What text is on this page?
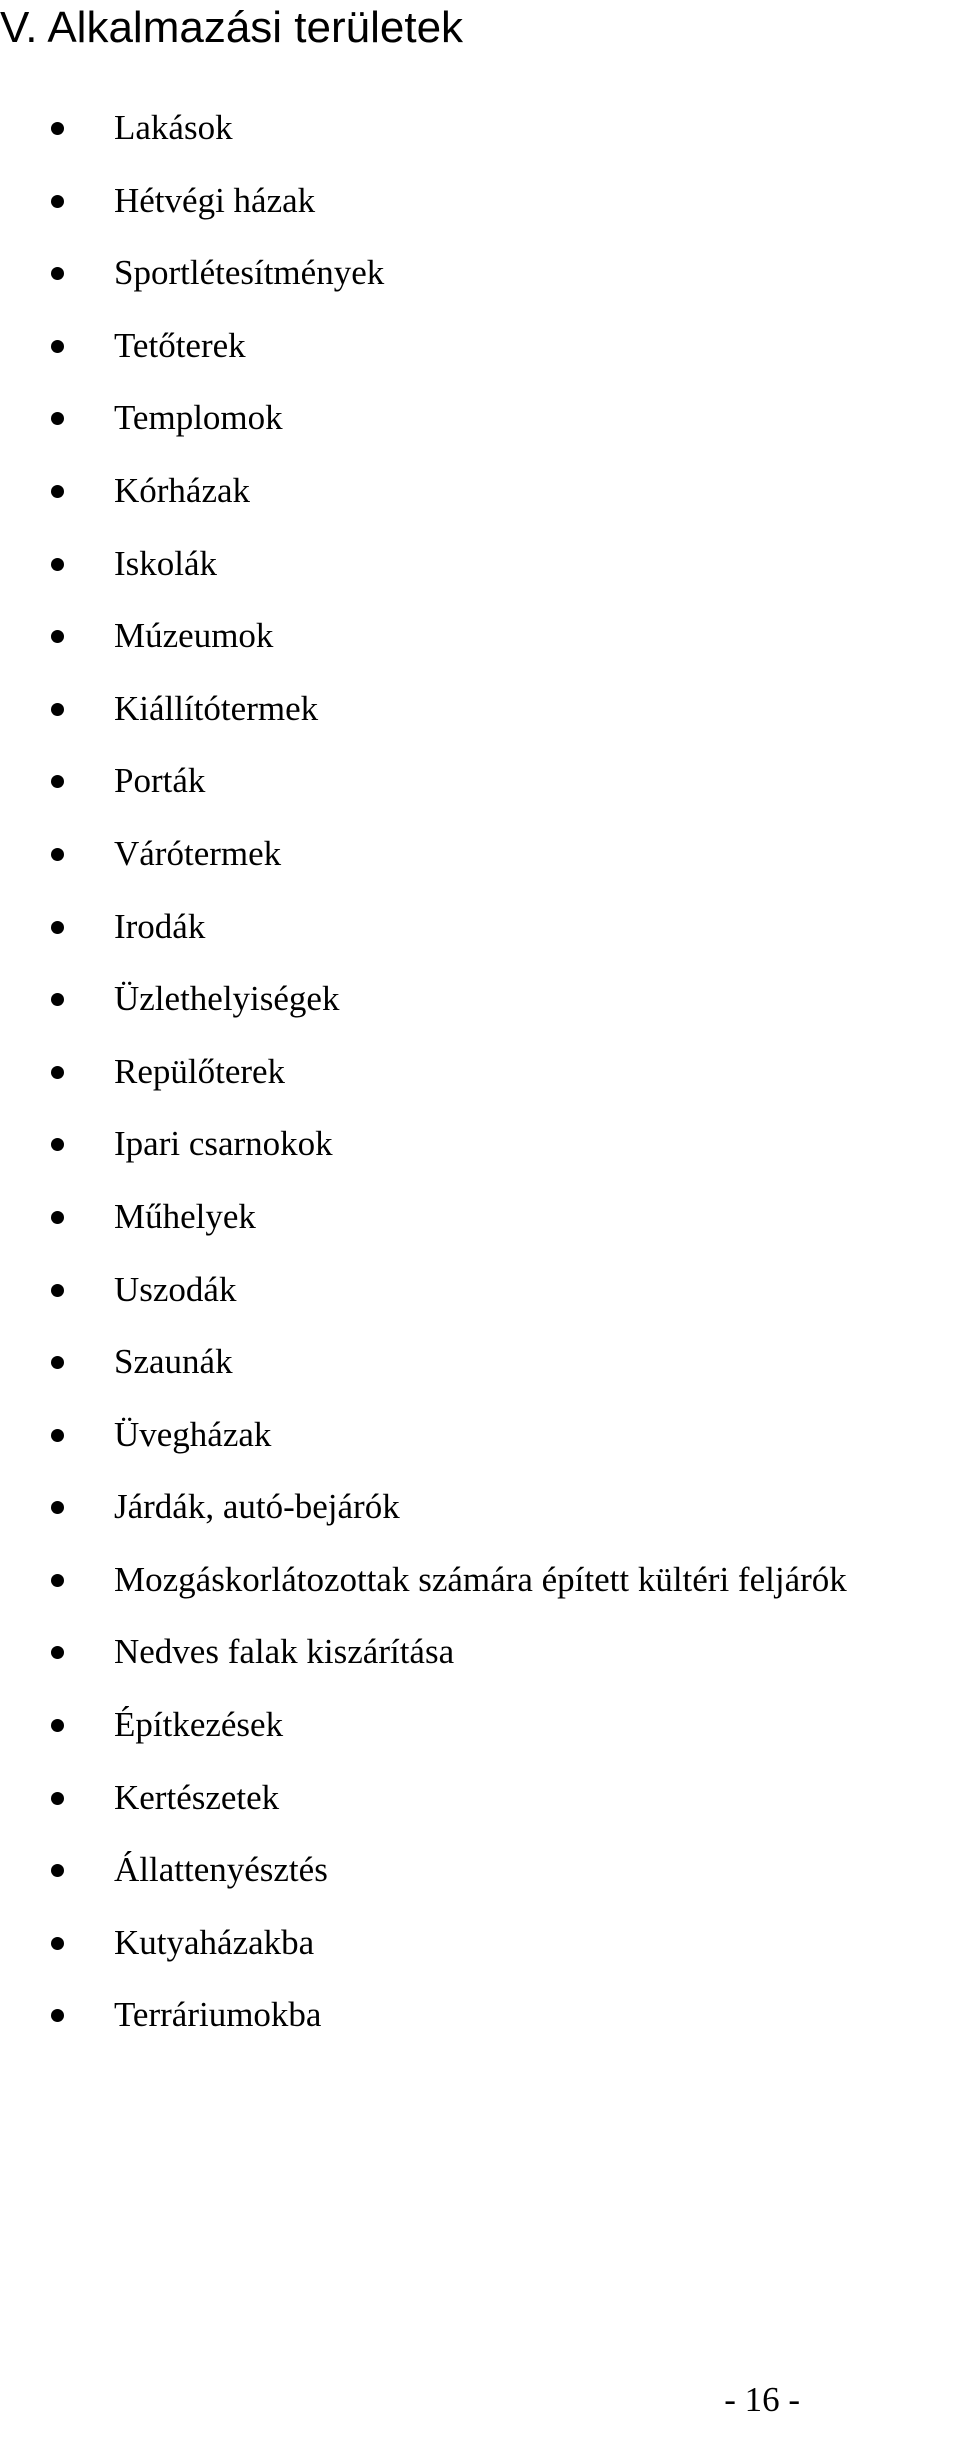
V. Alkalmazási területek
Lakások
Hétvégi házak
Sportlétesítmények
Tetőterek
Templomok
Kórházak
Iskolák
Múzeumok
Kiállítótermek
Porták
Várótermek
Irodák
Üzlethelyiségek
Repülőterek
Ipari csarnokok
Műhelyek
Uszodák
Szaunák
Üvegházak
Járdák, autó-bejárók
Mozgáskorlátozottak számára épített kültéri feljárók
Nedves falak kiszárítása
Építkezések
Kertészetek
Állattenyésztés
Kutyaházakba
Terráriumokba
- 16 -
